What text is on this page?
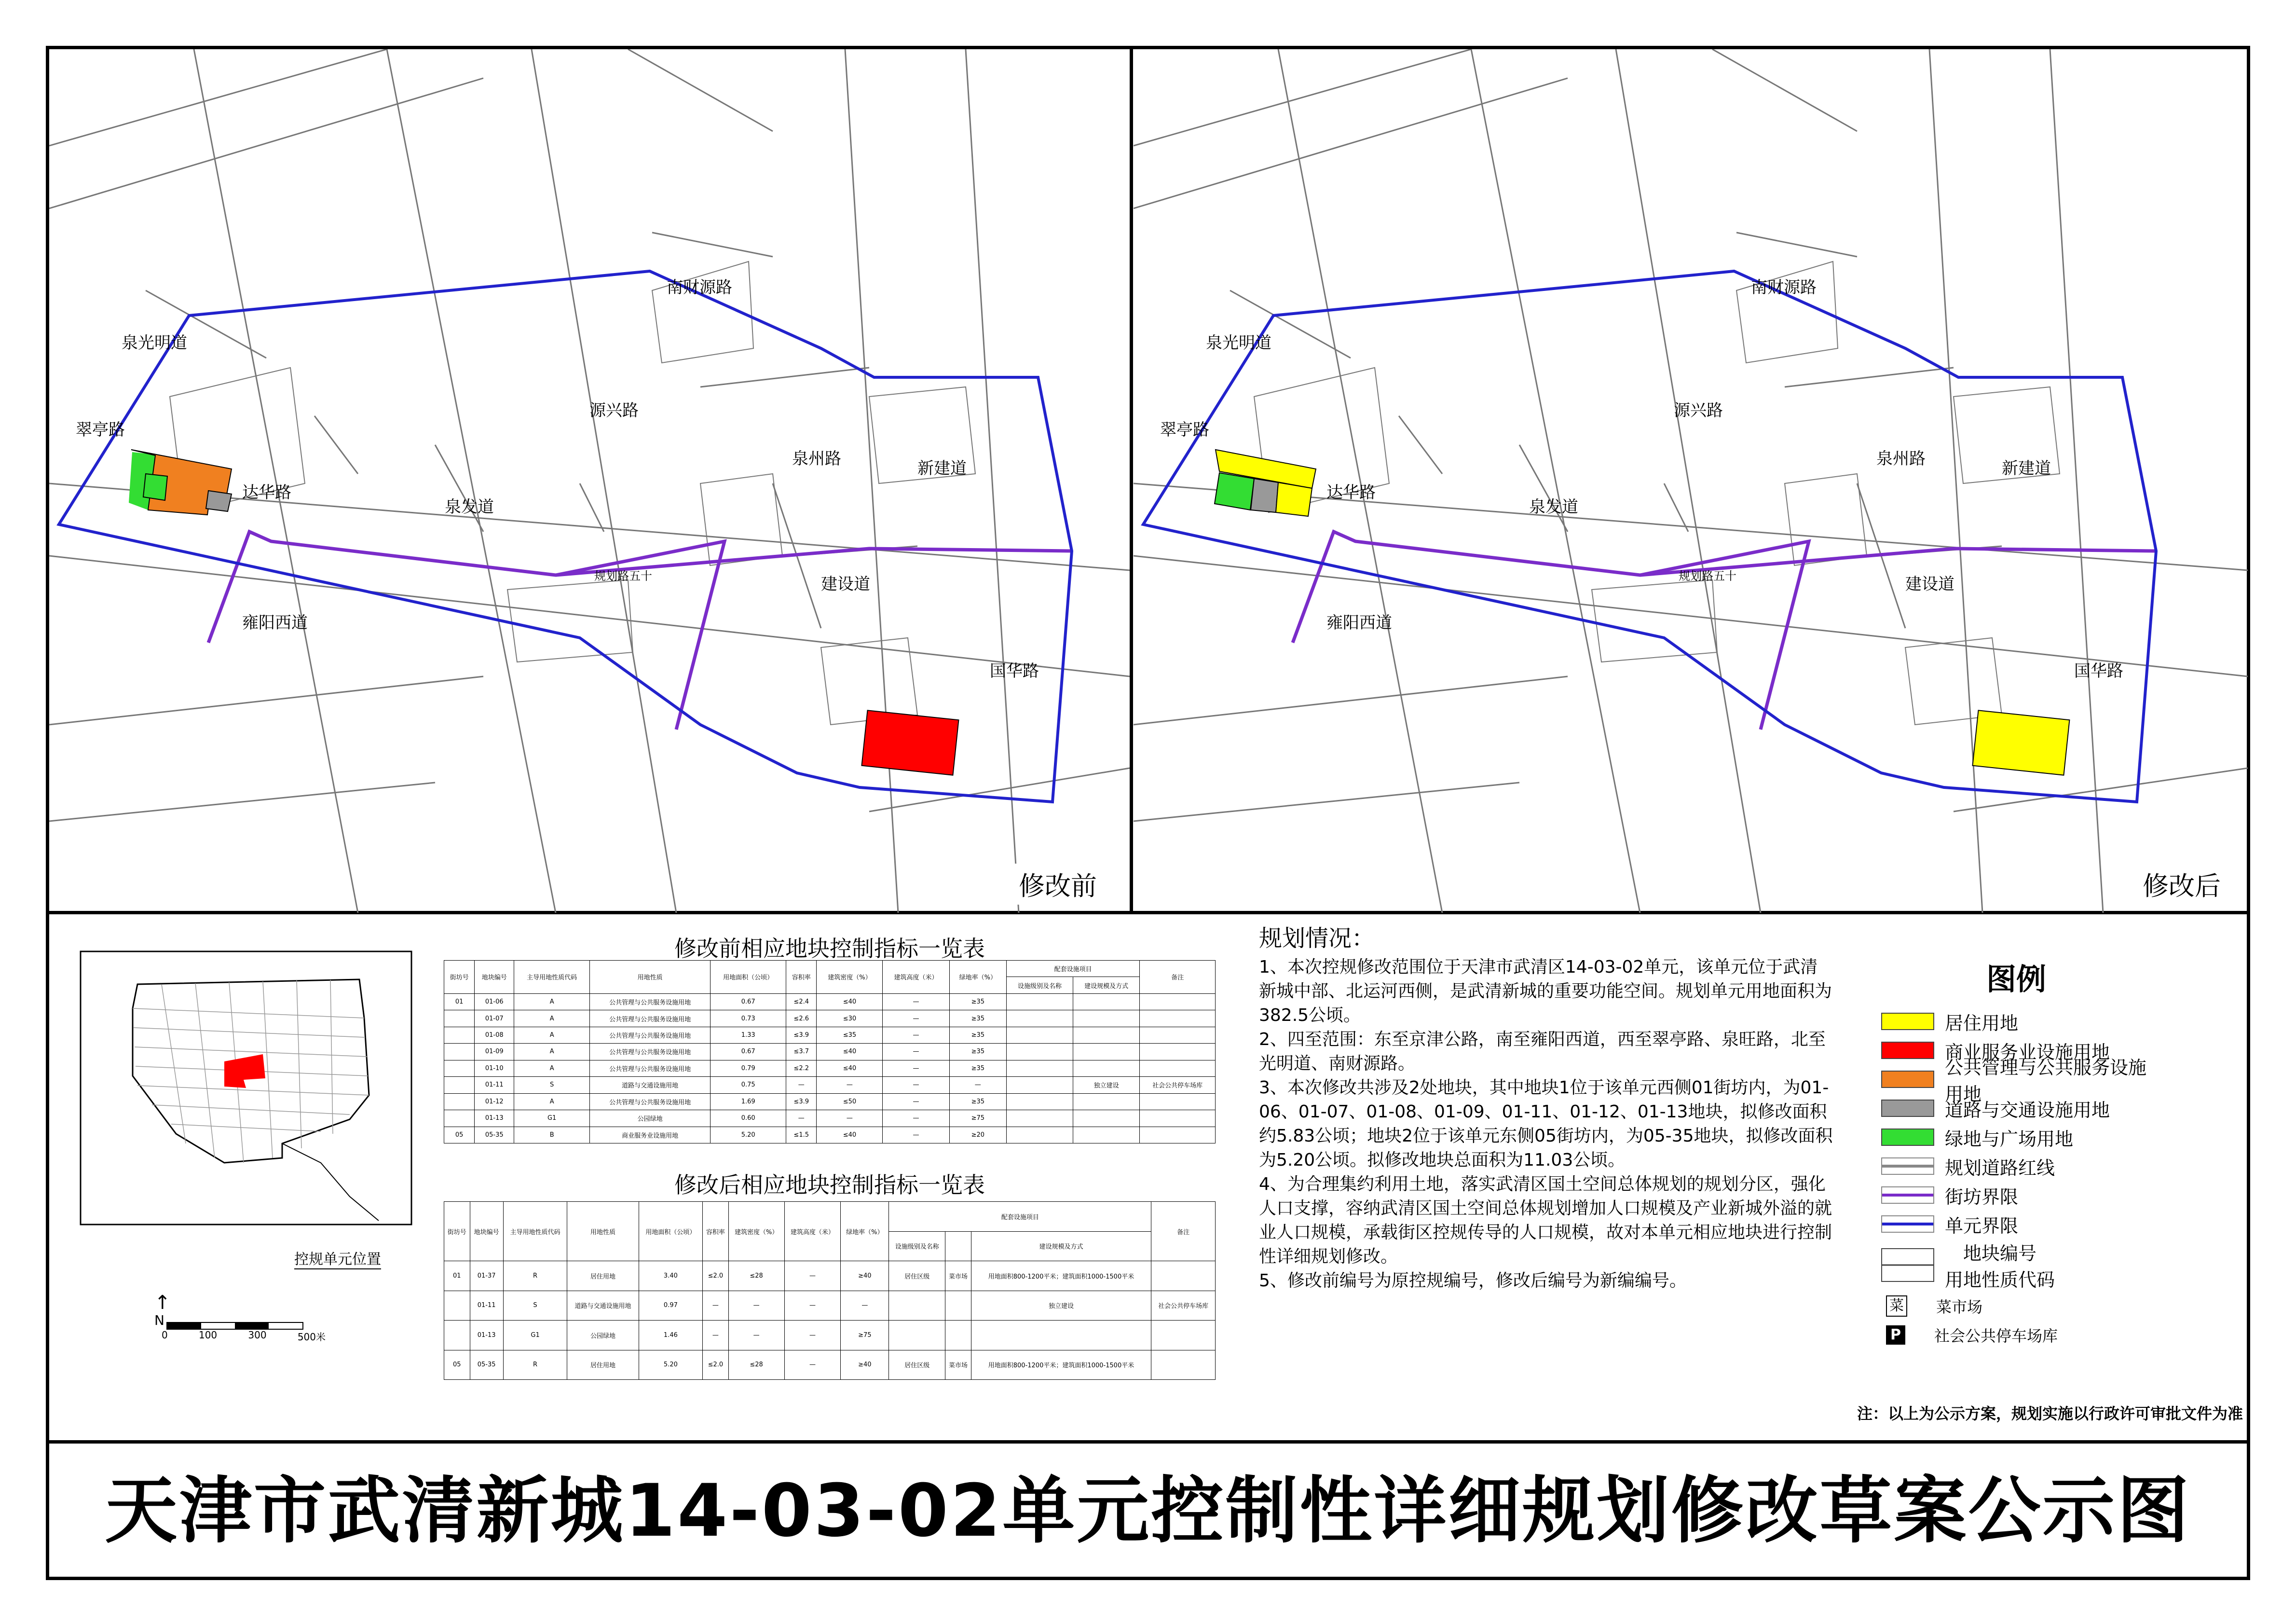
南财源路
泉光明道
翠亭路
雍阳西道
泉州路	新建道
国华路
达华路
泉发道
建设道
源兴路
规划路五十
修改前
南财源路
泉光明道
翠亭路
雍阳西道
泉州路	新建道
国华路
达华路
泉发道
建设道
源兴路
规划路五十
修改后
控规单元位置
↑
N
0	100	300	500米
修改前相应地块控制指标一览表
街坊号	地块编号	主导用地性质代码	用地性质	用地面积（公顷）	容积率	建筑密度（%）	建筑高度（米）	绿地率（%）	配套设施项目		备注
									设施级别及名称	建设规模及方式	
01	01-06	A	公共管理与公共服务设施用地	0.67	≤2.4	≤40	—	≥35			
	01-07	A	公共管理与公共服务设施用地	0.73	≤2.6	≤30	—	≥35			
	01-08	A	公共管理与公共服务设施用地	1.33	≤3.9	≤35	—	≥35			
	01-09	A	公共管理与公共服务设施用地	0.67	≤3.7	≤40	—	≥35			
	01-10	A	公共管理与公共服务设施用地	0.79	≤2.2	≤40	—	≥35			
	01-11	S	道路与交通设施用地	0.75	—	—	—	—		独立建设	社会公共停车场库
	01-12	A	公共管理与公共服务设施用地	1.69	≤3.9	≤50	—	≥35			
	01-13	G1	公园绿地	0.60	—	—	—	≥75			
05	05-35	B	商业服务业设施用地	5.20	≤1.5	≤40	—	≥20			
修改后相应地块控制指标一览表
街坊号	地块编号	主导用地性质代码	用地性质	用地面积（公顷）	容积率	建筑密度（%）	建筑高度（米）	绿地率（%）	配套设施项目			备注
									设施级别及名称		建设规模及方式	
01	01-37	R	居住用地	3.40	≤2.0	≤28	—	≥40	居住区级	菜市场	用地面积800-1200平米；建筑面积1000-1500平米	
	01-11	S	道路与交通设施用地	0.97	—	—	—	—			独立建设	社会公共停车场库
	01-13	G1	公园绿地	1.46	—	—	—	≥75				
05	05-35	R	居住用地	5.20	≤2.0	≤28	—	≥40	居住区级	菜市场	用地面积800-1200平米；建筑面积1000-1500平米	
规划情况：

1、本次控规修改范围位于天津市武清区14-03-02单元，该单元位于武清新城中部、北运河西侧，是武清新城的重要功能空间。规划单元用地面积为382.5公顷。

2、四至范围：东至京津公路，南至雍阳西道，西至翠亭路、泉旺路，北至光明道、南财源路。

3、本次修改共涉及2处地块，其中地块1位于该单元西侧01街坊内，为01-06、01-07、01-08、01-09、01-11、01-12、01-13地块，拟修改面积约5.83公顷；地块2位于该单元东侧05街坊内，为05-35地块，拟修改面积为5.20公顷。拟修改地块总面积为11.03公顷。

4、为合理集约利用土地，落实武清区国土空间总体规划的规划分区，强化人口支撑，容纳武清区国土空间总体规划增加人口规模及产业新城外溢的就业人口规模，承载街区控规传导的人口规模，故对本单元相应地块进行控制性详细规划修改。

5、修改前编号为原控规编号，修改后编号为新编编号。

图例
居住用地
商业服务业设施用地
公共管理与公共服务设施用地
道路与交通设施用地
绿地与广场用地
规划道路红线
街坊界限
单元界限
地块编号
用地性质代码
菜 菜市场
P 社会公共停车场库
注：以上为公示方案，规划实施以行政许可审批文件为准
天津市武清新城14-03-02单元控制性详细规划修改草案公示图
